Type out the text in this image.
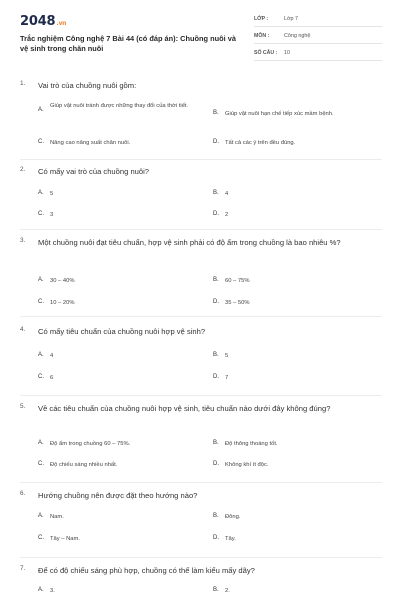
2048.vn
Trắc nghiệm Công nghệ 7 Bài 44 (có đáp án): Chuồng nuôi và vệ sinh trong chăn nuôi
LỚP :	Lớp 7
MÔN :	Công nghệ
SỐ CÂU : 10
1. Vai trò của chuồng nuôi gồm:
A.
Giúp vật nuôi tránh được những thay đổi của thời tiết.
B. Giúp vật nuôi hạn chế tiếp xúc mầm bệnh.
C. Nâng cao năng suất chăn nuôi.	D. Tất cả các ý trên đều đúng.
2. Có mấy vai trò của chuồng nuôi?
A. 5	B. 4
C. 3	D. 2
3. Một chuồng nuôi đạt tiêu chuẩn, hợp vệ sinh phải có độ ẩm trong chuồng là bao nhiêu %?
A. 30 – 40%	B. 60 – 75%
C. 10 – 20%	D. 35 – 50%
4. Có mấy tiêu chuẩn của chuồng nuôi hợp vệ sinh?
A. 4	B. 5
C. 6	D. 7
5. Về các tiêu chuẩn của chuồng nuôi hợp vệ sinh, tiêu chuẩn nào dưới đây không đúng?
A. Độ ẩm trong chuồng 60 – 75%.	B. Độ thông thoáng tốt.
C. Độ chiếu sáng nhiều nhất.	D. Không khí ít độc.
6. Hướng chuồng nên được đặt theo hướng nào?
A. Nam.	B. Đông.
C. Tây – Nam.	D. Tây.
7. Để có độ chiếu sáng phù hợp, chuồng có thể làm kiểu mấy dãy?
A. 3.	B. 2.
